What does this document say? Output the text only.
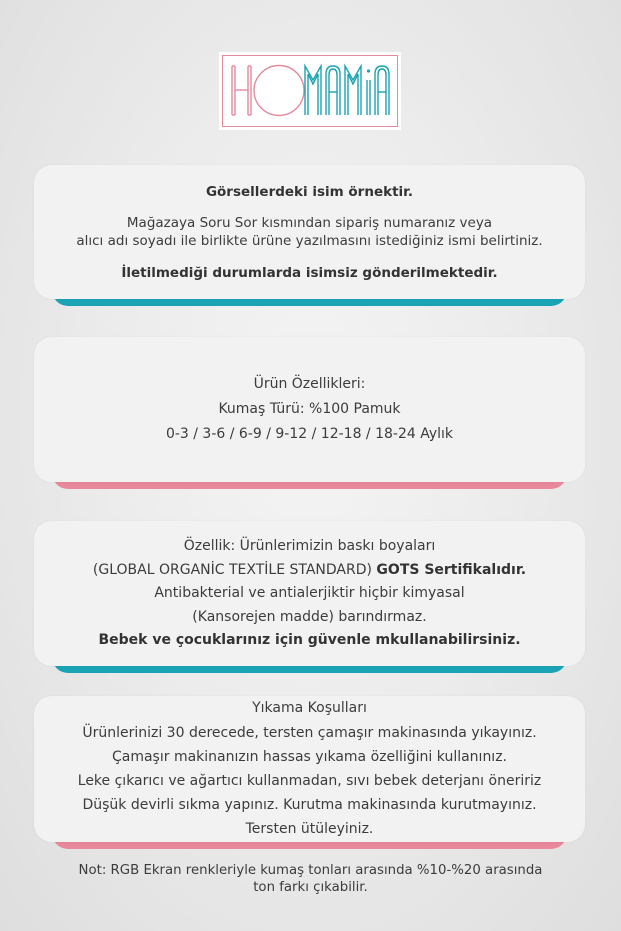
Görsellerdeki isim örnektir.
Mağazaya Soru Sor kısmından sipariş numaranız veya
alıcı adı soyadı ile birlikte ürüne yazılmasını istediğiniz ismi belirtiniz.
İletilmediği durumlarda isimsiz gönderilmektedir.
Ürün Özellikleri:
Kumaş Türü: %100 Pamuk
0-3 / 3-6 / 6-9 / 9-12 / 12-18 / 18-24 Aylık
Özellik: Ürünlerimizin baskı boyaları
(GLOBAL ORGANİC TEXTİLE STANDARD) GOTS Sertifikalıdır.
Antibakterial ve antialerjiktir hiçbir kimyasal
(Kansorejen madde) barındırmaz.
Bebek ve çocuklarınız için güvenle mkullanabilirsiniz.
Yıkama Koşulları
Ürünlerinizi 30 derecede, tersten çamaşır makinasında yıkayınız.
Çamaşır makinanızın hassas yıkama özelliğini kullanınız.
Leke çıkarıcı ve ağartıcı kullanmadan, sıvı bebek deterjanı öneririz
Düşük devirli sıkma yapınız. Kurutma makinasında kurutmayınız.
Tersten ütüleyiniz.
Not: RGB Ekran renkleriyle kumaş tonları arasında %10-%20 arasında
ton farkı çıkabilir.
